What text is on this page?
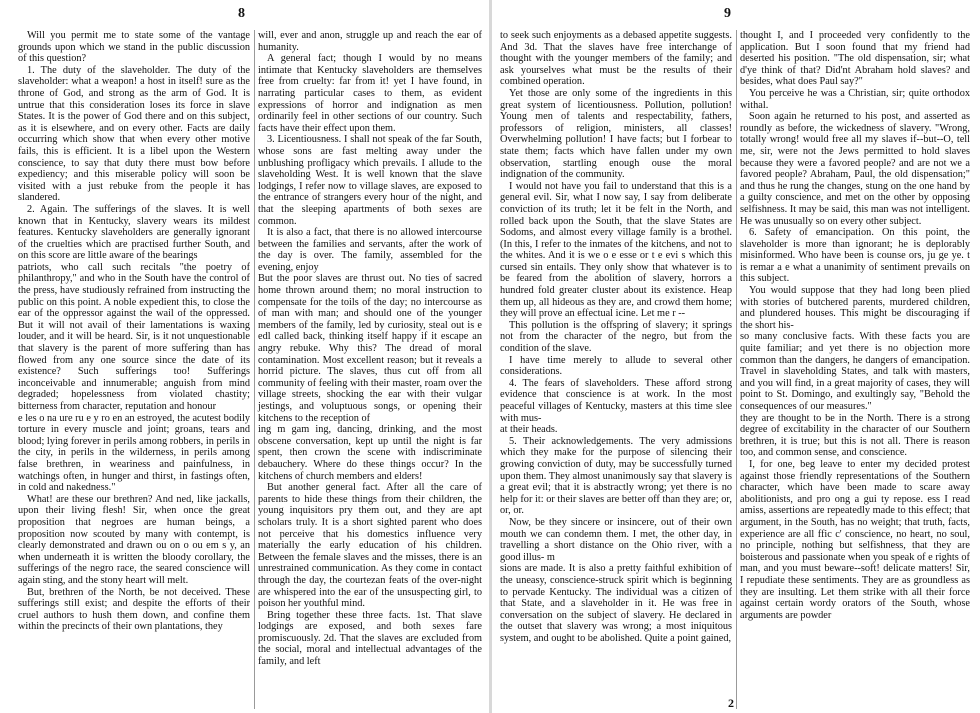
8

Will you permit me to state some of the vantage grounds upon which we stand in the public discussion of this question?

1. The duty of the slaveholder. The duty of the slaveholder: what a weapon! a host in itself! sure as the throne of God, and strong as the arm of God. It is untrue that this consideration loses its force in slave States. It is the power of God there and on this subject, as it is elsewhere, and on every other. Facts are daily occurring which show that when every other motive fails, this is efficient. It is a libel upon the Western conscience, to say that duty there must bow before expediency; and this miserable policy will soon be visited with a just rebuke from the people it has slandered.

2. Again. The sufferings of the slaves. It is well known that in Kentucky, slavery wears its mildest features. Kentucky slaveholders are generally ignorant of the cruelties which are practised further South, and on this score are little aware of the bearings

patriots, who call such recitals "the poetry of philanthropy," and who in the South have the control of the press, have studiously refrained from instructing the public on this point. A noble expedient this, to close the ear of the oppressor against the wail of the oppressed. But it will not avail of their lamentations is waxing louder, and it will be heard. Sir, is it not unquestionable that slavery is the parent of more suffering than has flowed from any one source since the date of its existence? Such sufferings too! Sufferings inconceivable and innumerable; anguish from mind degraded; hopelessness from violated chastity; bitterness from character, reputation and honour

e les o na ure ru e y ro en an estroyed, the acutest bodily torture in every muscle and joint; groans, tears and blood; lying forever in perils among robbers, in perils in the city, in perils in the wilderness, in perils among false brethren, in weariness and painfulness, in watchings often, in hunger and thirst, in fastings often, in cold and nakedness."

What! are these our brethren? And ned, like jackalls, upon their living flesh! Sir, when once the great proposition that negroes are human beings, a proposition now scouted by many with contempt, is clearly demonstrated and drawn ou on o ou em s y, an when underneath it is written the bloody corollary, the sufferings of the negro race, the seared conscience will again sting, and the stony heart will melt.

But, brethren of the North, be not deceived. These sufferings still exist; and despite the efforts of their cruel authors to hush them down, and confine them within the precincts of their own plantations, they

will, ever and anon, struggle up and reach the ear of humanity.

A general fact; though I would by no means intimate that Kentucky slaveholders are themselves free from cruelty: far from it! yet I have found, in narrating particular cases to them, as evident expressions of horror and indignation as men ordinarily feel in other sections of our country. Such facts have their effect upon them.

3. Licentiousness. I shall not speak of the far South, whose sons are fast melting away under the unblushing profligacy which prevails. I allude to the slaveholding West. It is well known that the slave lodgings, I refer now to village slaves, are exposed to the entrance of strangers every hour of the night, and that the sleeping apartments of both sexes are common.

It is also a fact, that there is no allowed intercourse between the families and servants, after the work of the day is over. The family, assembled for the evening, enjoy

But the poor slaves are thrust out. No ties of sacred home thrown around them; no moral instruction to compensate for the toils of the day; no intercourse as of man with man; and should one of the younger members of the family, led by curiosity, steal out is e edl called back, thinking itself happy if it escape an angry rebuke. Why this? The dread of moral contamination. Most excellent reason; but it reveals a horrid picture. The slaves, thus cut off from all community of feeling with their master, roam over the village streets, shocking the ear with their vulgar jestings, and voluptuous songs, or opening their kitchens to the reception of

ing m gam ing, dancing, drinking, and the most obscene conversation, kept up until the night is far spent, then crown the scene with indiscriminate debauchery. Where do these things occur? In the kitchens of church members and elders!

But another general fact. After all the care of parents to hide these things from their children, the young inquisitors pry them out, and they are apt scholars truly. It is a short sighted parent who does not perceive that his domestics influence very materially the early education of his children. Between the female slaves and the misses, there is an unrestrained communication. As they come in contact through the day, the courtezan feats of the over-night are whispered into the ear of the unsuspecting girl, to poison her youthful mind.

Bring together these three facts. 1st. That slave lodgings are exposed, and both sexes fare promiscuously. 2d. That the slaves are excluded from the social, moral and intellectual advantages of the family, and left

9

to seek such enjoyments as a debased appetite suggests. And 3d. That the slaves have free interchange of thought with the younger members of the family; and ask yourselves what must be the results of their combined operation.

Yet those are only some of the ingredients in this great system of licentiousness. Pollution, pollution! Young men of talents and respectability, fathers, professors of religion, ministers, all classes! Overwhelming pollution! I have facts; but I forbear to state them; facts which have fallen under my own observation, startling enough ouse the moral indignation of the community.

I would not have you fail to understand that this is a general evil. Sir, what I now say, I say from deliberate conviction of its truth; let it be felt in the North, and rolled back upon the South, that the slave States are Sodoms, and almost every village family is a brothel. (In this, I refer to the inmates of the kitchens, and not to the whites. And it is we o e esse or t e evi s which this cursed sin entails. They only show that whatever is to be feared from the abolition of slavery, horrors a hundred fold greater cluster about its existence. Heap them up, all hideous as they are, and crowd them home; they will prove an effectual icine. Let me r --

This pollution is the offspring of slavery; it springs not from the character of the negro, but from the condition of the slave.

I have time merely to allude to several other considerations.

4. The fears of slaveholders. These afford strong evidence that conscience is at work. In the most peaceful villages of Kentucky, masters at this time slee with mus-

at their heads.

5. Their acknowledgements. The very admissions which they make for the purpose of silencing their growing conviction of duty, may be successfully turned upon them. They almost unanimously say that slavery is a great evil; that it is abstractly wrong; yet there is no help for it: or their slaves are better off than they are; or, or, or.

Now, be they sincere or insincere, out of their own mouth we can condemn them. I met, the other day, in travelling a short distance on the Ohio river, with a good illus- m

sions are made. It is also a pretty faithful exhibition of the uneasy, conscience-struck spirit which is beginning to pervade Kentucky. The individual was a citizen of that State, and a slaveholder in it. He was free in conversation on the subject of slavery. He declared in the outset that slavery was wrong; a most iniquitous system, and ought to be abolished. Quite a point gained,

thought I, and I proceeded very confidently to the application. But I soon found that my friend had deserted his position. "The old dispensation, sir; what d'ye think of that? Did'nt Abraham hold slaves? and besides, what does Paul say?"

You perceive he was a Christian, sir; quite orthodox withal.

Soon again he returned to his post, and asserted as roundly as before, the wickedness of slavery. "Wrong, totally wrong! would free all my slaves if--but--O, tell me, sir, were not the Jews permitted to hold slaves because they were a favored people? and are not we a favored people? Abraham, Paul, the old dispensation;" and thus he rung the changes, stung on the one hand by a guilty conscience, and met on the other by opposing selfishness. It may be said, this man was not intelligent. He was unusually so on every other subject.

6. Safety of emancipation. On this point, the slaveholder is more than ignorant; he is deplorably misinformed. Who have been is counse ors, ju ge ye. t is remar a e what a unanimity of sentiment prevails on this subject.

You would suppose that they had long been plied with stories of butchered parents, murdered children, and plundered houses. This might be discouraging if the short his-

so many conclusive facts. With these facts you are quite familiar; and yet there is no objection more common than the dangers, he dangers of emancipation. Travel in slaveholding States, and talk with masters, and you will find, in a great majority of cases, they will point to St. Domingo, and exultingly say, "Behold the consequences of our measures."

they are thought to be in the North. There is a strong degree of excitability in the character of our Southern brethren, it is true; but this is not all. There is reason too, and common sense, and conscience.

I, for one, beg leave to enter my decided protest against those friendly representations of the Southern character, which have been made to scare away abolitionists, and pro ong a gui ty repose. ess I read amiss, assertions are repeatedly made to this effect; that argument, in the South, has no weight; that truth, facts, experience are all ffic c' conscience, no heart, no soul, no principle, nothing but selfishness, that they are boisterous and passionate when you speak of e rights of man, and you must beware--soft! delicate matters! Sir, I repudiate these sentiments. They are as groundless as they are insulting. Let them strike with all their force against certain wordy orators of the South, whose arguments are powder

2
